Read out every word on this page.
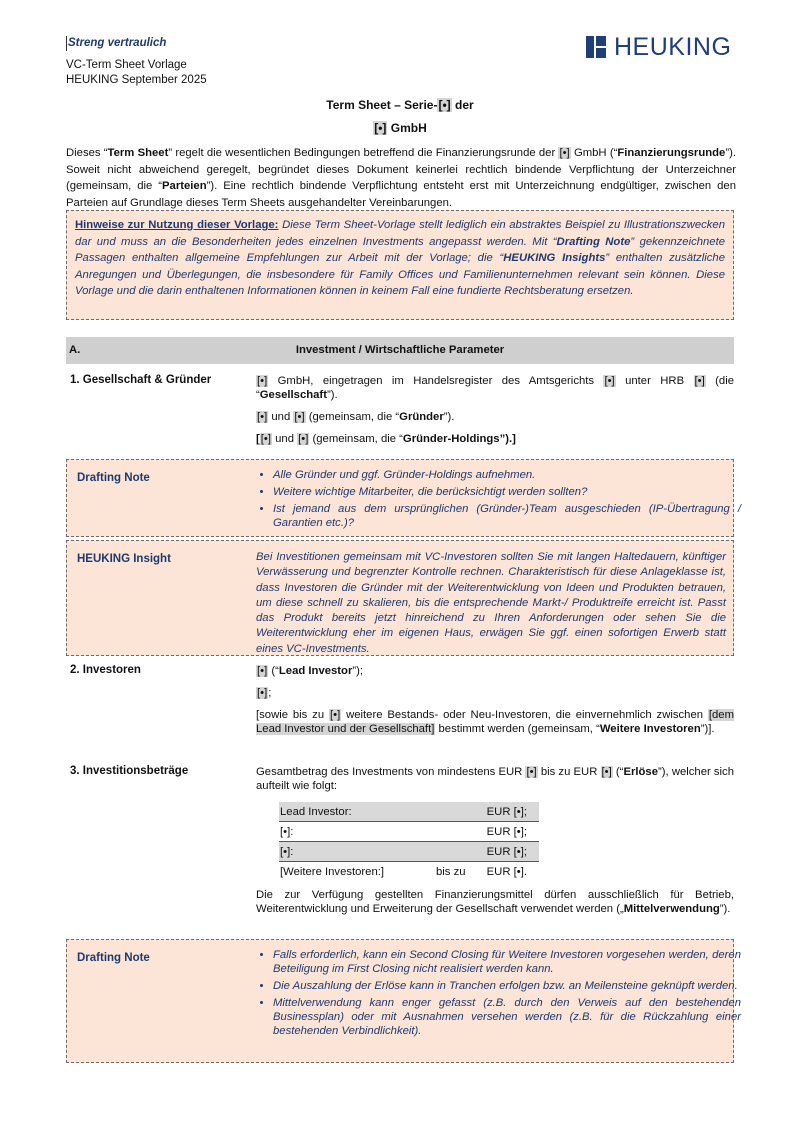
Streng vertraulich
VC-Term Sheet Vorlage
HEUKING September 2025
HEUKING
Term Sheet – Serie-[•] der
[•] GmbH
Dieses “Term Sheet” regelt die wesentlichen Bedingungen betreffend die Finanzierungsrunde der [•] GmbH (“Finanzierungsrunde”). Soweit nicht abweichend geregelt, begründet dieses Dokument keinerlei rechtlich bindende Verpflichtung der Unterzeichner (gemeinsam, die “Parteien”). Eine rechtlich bindende Verpflichtung entsteht erst mit Unterzeichnung endgültiger, zwischen den Parteien auf Grundlage dieses Term Sheets ausgehandelter Vereinbarungen.
Hinweise zur Nutzung dieser Vorlage: Diese Term Sheet-Vorlage stellt lediglich ein abstraktes Beispiel zu Illustrationszwecken dar und muss an die Besonderheiten jedes einzelnen Investments angepasst werden. Mit “Drafting Note” gekennzeichnete Passagen enthalten allgemeine Empfehlungen zur Arbeit mit der Vorlage; die “HEUKING Insights” enthalten zusätzliche Anregungen und Überlegungen, die insbesondere für Family Offices und Familienunternehmen relevant sein können. Diese Vorlage und die darin enthaltenen Informationen können in keinem Fall eine fundierte Rechtsberatung ersetzen.
A.	Investment / Wirtschaftliche Parameter
1. Gesellschaft & Gründer	[•] GmbH, eingetragen im Handelsregister des Amtsgerichts [•] unter HRB [•] (die “Gesellschaft”).

[•] und [•] (gemeinsam, die “Gründer”).

[[•] und [•] (gemeinsam, die “Gründer-Holdings”).]

Drafting Note	• Alle Gründer und ggf. Gründer-Holdings aufnehmen.
• Weitere wichtige Mitarbeiter, die berücksichtigt werden sollten?
• Ist jemand aus dem ursprünglichen (Gründer-)Team ausgeschieden (IP-Übertragung / Garantien etc.)?
HEUKING Insight	Bei Investitionen gemeinsam mit VC-Investoren sollten Sie mit langen Haltedauern, künftiger Verwässerung und begrenzter Kontrolle rechnen. Charakteristisch für diese Anlageklasse ist, dass Investoren die Gründer mit der Weiterentwicklung von Ideen und Produkten betrauen, um diese schnell zu skalieren, bis die entsprechende Markt-/ Produktreife erreicht ist. Passt das Produkt bereits jetzt hinreichend zu Ihren Anforderungen oder sehen Sie die Weiterentwicklung eher im eigenen Haus, erwägen Sie ggf. einen sofortigen Erwerb statt eines VC-Investments.
2. Investoren	[•] (“Lead Investor”);

[•];

[sowie bis zu [•] weitere Bestands- oder Neu-Investoren, die einvernehmlich zwischen [dem Lead Investor und der Gesellschaft] bestimmt werden (gemeinsam, “Weitere Investoren”)].

3. Investitionsbeträge	Gesamtbetrag des Investments von mindestens EUR [•] bis zu EUR [•] (“Erlöse”), welcher sich aufteilt wie folgt:

Lead Investor:		EUR [•];
[•]:		EUR [•];
[•]:		EUR [•];
[Weitere Investoren:]	bis zu	EUR [•].

Die zur Verfügung gestellten Finanzierungsmittel dürfen ausschließlich für Betrieb, Weiterentwicklung und Erweiterung der Gesellschaft verwendet werden („Mittelverwendung”).

Drafting Note	• Falls erforderlich, kann ein Second Closing für Weitere Investoren vorgesehen werden, deren Beteiligung im First Closing nicht realisiert werden kann.
• Die Auszahlung der Erlöse kann in Tranchen erfolgen bzw. an Meilensteine geknüpft werden.
• Mittelverwendung kann enger gefasst (z.B. durch den Verweis auf den bestehenden Businessplan) oder mit Ausnahmen versehen werden (z.B. für die Rückzahlung einer bestehenden Verbindlichkeit).
